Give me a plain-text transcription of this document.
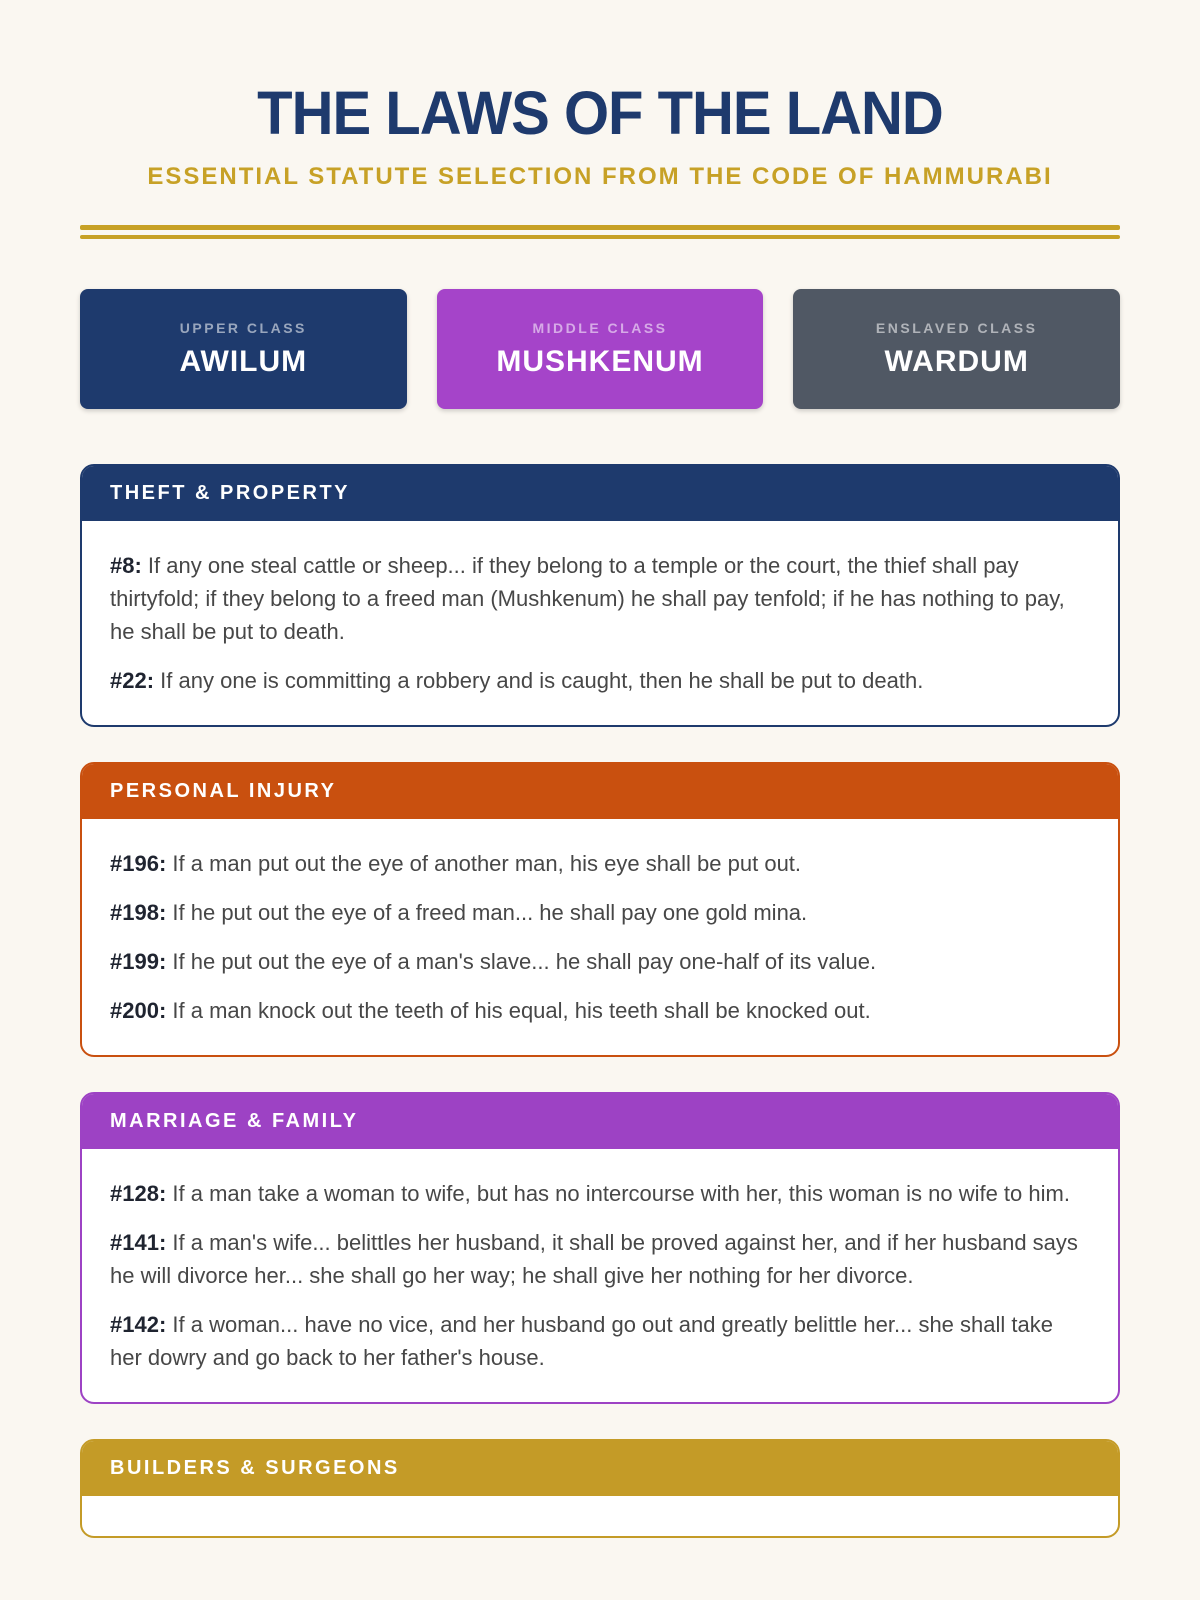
THE LAWS OF THE LAND
ESSENTIAL STATUTE SELECTION FROM THE CODE OF HAMMURABI
UPPER CLASS
AWILUM
MIDDLE CLASS
MUSHKENUM
ENSLAVED CLASS
WARDUM
THEFT & PROPERTY

#8: If any one steal cattle or sheep... if they belong to a temple or the court, the thief shall pay thirtyfold; if they belong to a freed man (Mushkenum) he shall pay tenfold; if he has nothing to pay, he shall be put to death.

#22: If any one is committing a robbery and is caught, then he shall be put to death.

PERSONAL INJURY

#196: If a man put out the eye of another man, his eye shall be put out.

#198: If he put out the eye of a freed man... he shall pay one gold mina.

#199: If he put out the eye of a man's slave... he shall pay one-half of its value.

#200: If a man knock out the teeth of his equal, his teeth shall be knocked out.

MARRIAGE & FAMILY

#128: If a man take a woman to wife, but has no intercourse with her, this woman is no wife to him.

#141: If a man's wife... belittles her husband, it shall be proved against her, and if her husband says he will divorce her... she shall go her way; he shall give her nothing for her divorce.

#142: If a woman... have no vice, and her husband go out and greatly belittle her... she shall take her dowry and go back to her father's house.

BUILDERS & SURGEONS
